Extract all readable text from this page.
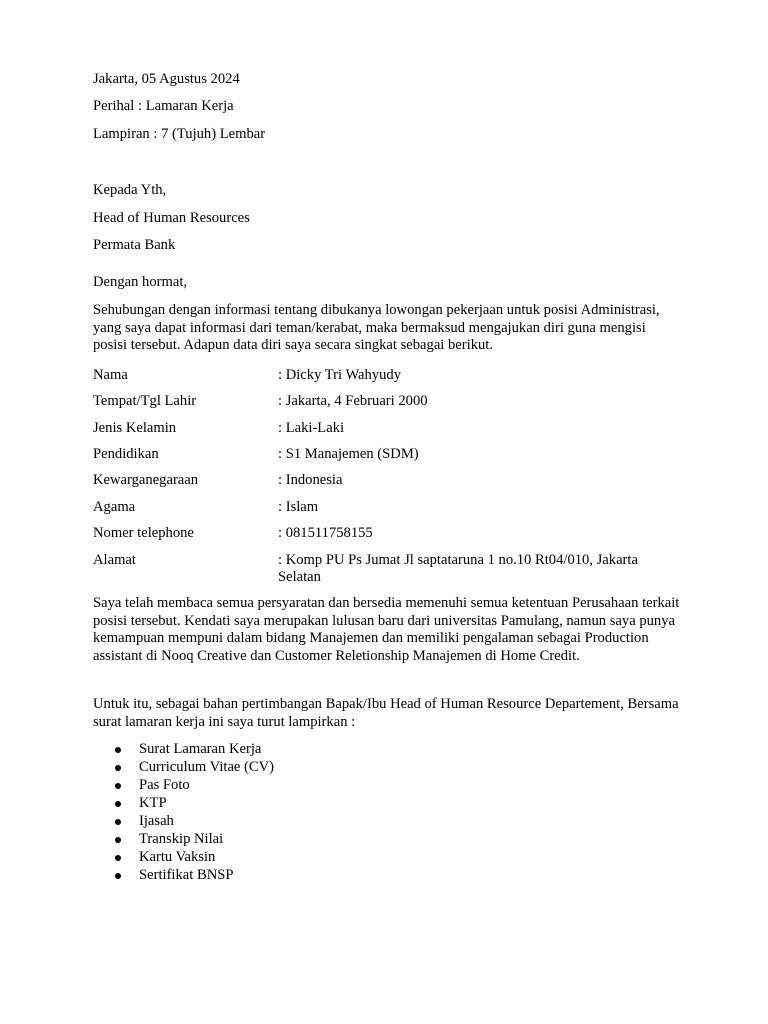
Jakarta, 05 Agustus 2024
Perihal : Lamaran Kerja
Lampiran : 7 (Tujuh) Lembar
Kepada Yth,
Head of Human Resources
Permata Bank
Dengan hormat,
Sehubungan dengan informasi tentang dibukanya lowongan pekerjaan untuk posisi Administrasi, yang saya dapat informasi dari teman/kerabat, maka bermaksud mengajukan diri guna mengisi posisi tersebut. Adapun data diri saya secara singkat sebagai berikut.
Nama	: Dicky Tri Wahyudy
Tempat/Tgl Lahir	: Jakarta, 4 Februari 2000
Jenis Kelamin	: Laki-Laki
Pendidikan	: S1 Manajemen (SDM)
Kewarganegaraan	: Indonesia
Agama	: Islam
Nomer telephone	: 081511758155
Alamat	: Komp PU Ps Jumat Jl saptataruna 1 no.10 Rt04/010, Jakarta Selatan
Saya telah membaca semua persyaratan dan bersedia memenuhi semua ketentuan Perusahaan terkait posisi tersebut. Kendati saya merupakan lulusan baru dari universitas Pamulang, namun saya punya kemampuan mempuni dalam bidang Manajemen dan memiliki pengalaman sebagai Production assistant di Nooq Creative dan Customer Reletionship Manajemen di Home Credit.
Untuk itu, sebagai bahan pertimbangan Bapak/Ibu Head of Human Resource Departement, Bersama surat lamaran kerja ini saya turut lampirkan :
Surat Lamaran Kerja
Curriculum Vitae (CV)
Pas Foto
KTP
Ijasah
Transkip Nilai
Kartu Vaksin
Sertifikat BNSP
